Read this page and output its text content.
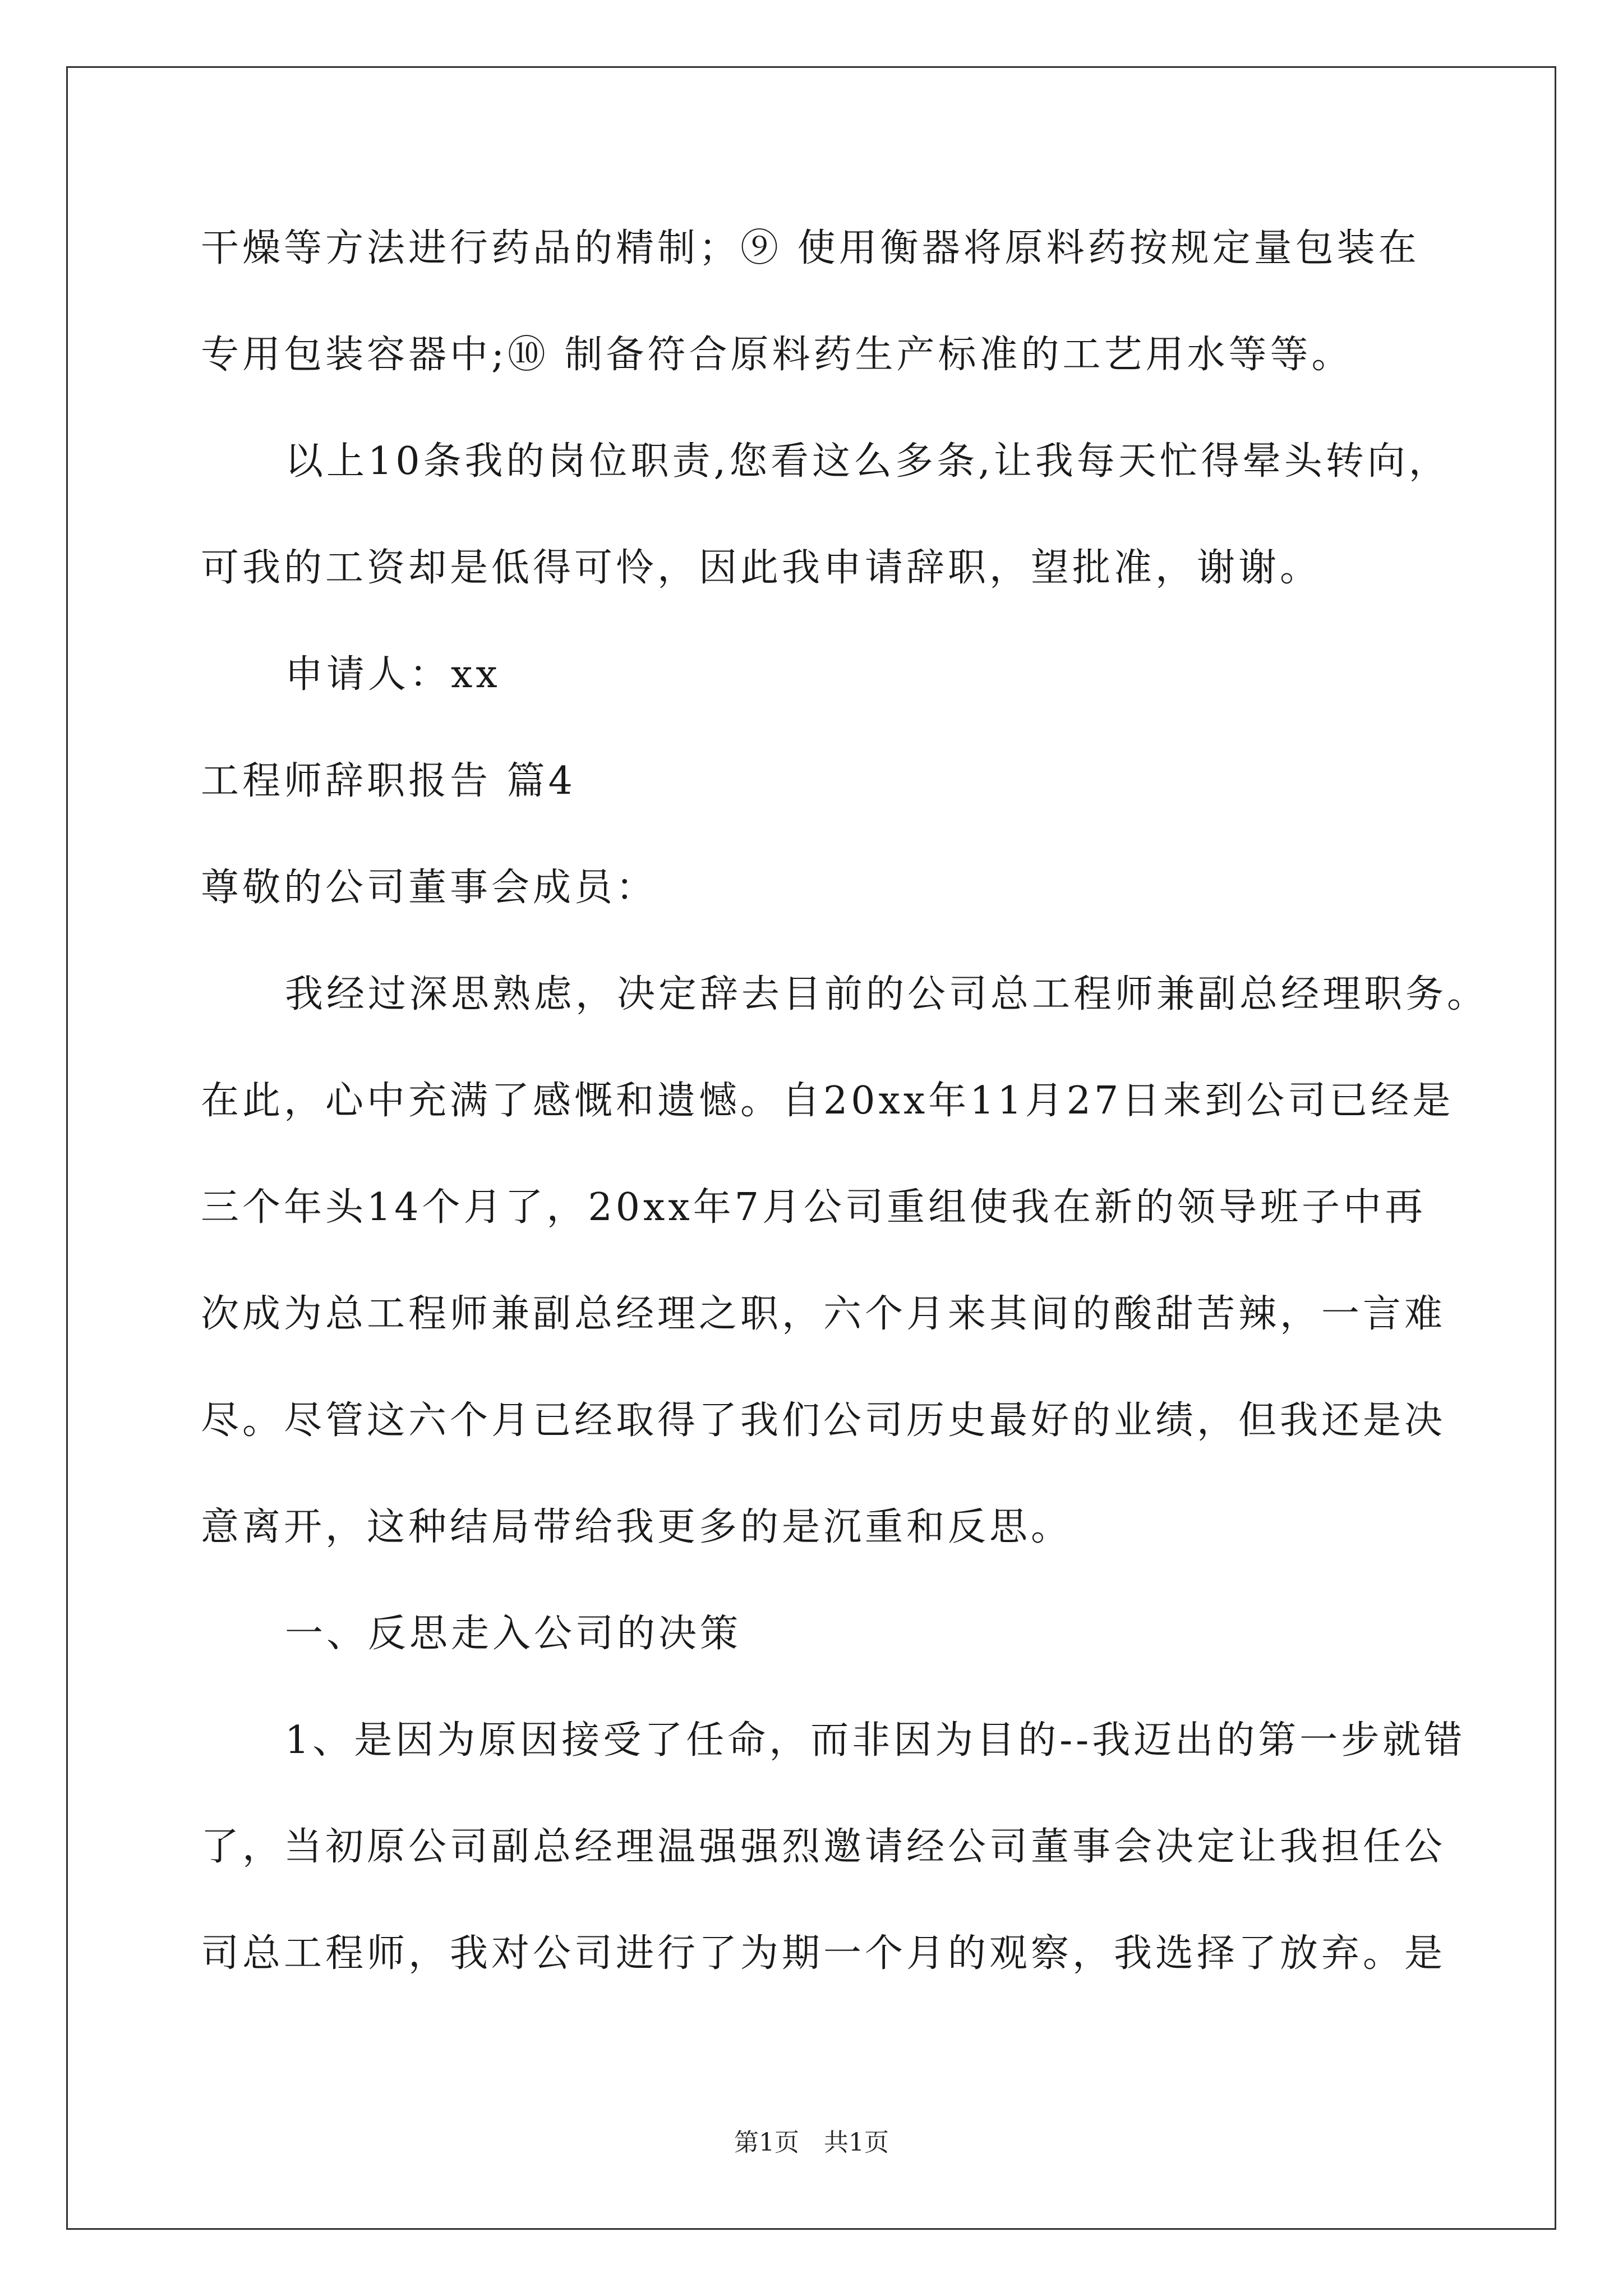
干燥等方法进行药品的精制；⑨ 使用衡器将原料药按规定量包装在
专用包装容器中;⑩ 制备符合原料药生产标准的工艺用水等等。
以上10条我的岗位职责,您看这么多条,让我每天忙得晕头转向，
可我的工资却是低得可怜，因此我申请辞职，望批准，谢谢。
申请人：xx
工程师辞职报告 篇4
尊敬的公司董事会成员：
我经过深思熟虑，决定辞去目前的公司总工程师兼副总经理职务。
在此，心中充满了感慨和遗憾。自20xx年11月27日来到公司已经是
三个年头14个月了，20xx年7月公司重组使我在新的领导班子中再
次成为总工程师兼副总经理之职，六个月来其间的酸甜苦辣，一言难
尽。尽管这六个月已经取得了我们公司历史最好的业绩，但我还是决
意离开，这种结局带给我更多的是沉重和反思。
一、反思走入公司的决策
1、是因为原因接受了任命，而非因为目的--我迈出的第一步就错
了，当初原公司副总经理温强强烈邀请经公司董事会决定让我担任公
司总工程师，我对公司进行了为期一个月的观察，我选择了放弃。是
第1页　共1页
